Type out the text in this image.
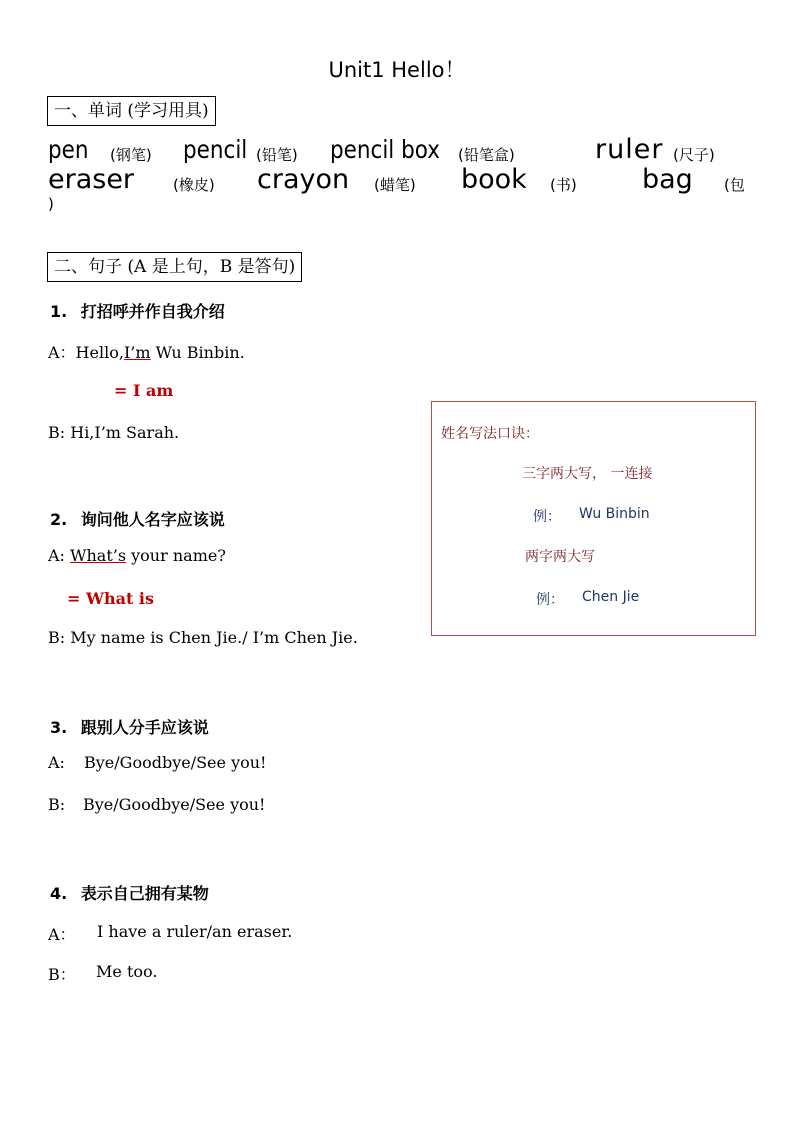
Unit1 Hello！
一、单词 (学习用具)
pen (钢笔) pencil (铅笔) pencil box (铅笔盒)	ruler (尺子)
eraser	(橡皮) crayon (蜡笔) book (书) bag (包
)
二、句子 (A 是上句，B 是答句)
1. 打招呼并作自我介绍
A：Hello,I’m Wu Binbin.
= I am
B: Hi,I’m Sarah.
2. 询问他人名字应该说
A: What’s your name?
= What is
B: My name is Chen Jie./ I’m Chen Jie.
3. 跟别人分手应该说
A: Bye/Goodbye/See you!
B: Bye/Goodbye/See you!
4. 表示自己拥有某物
A： I have a ruler/an eraser.
B： Me too.
姓名写法口诀：
三字两大写， 一连接
例： Wu Binbin
两字两大写
例： Chen Jie
